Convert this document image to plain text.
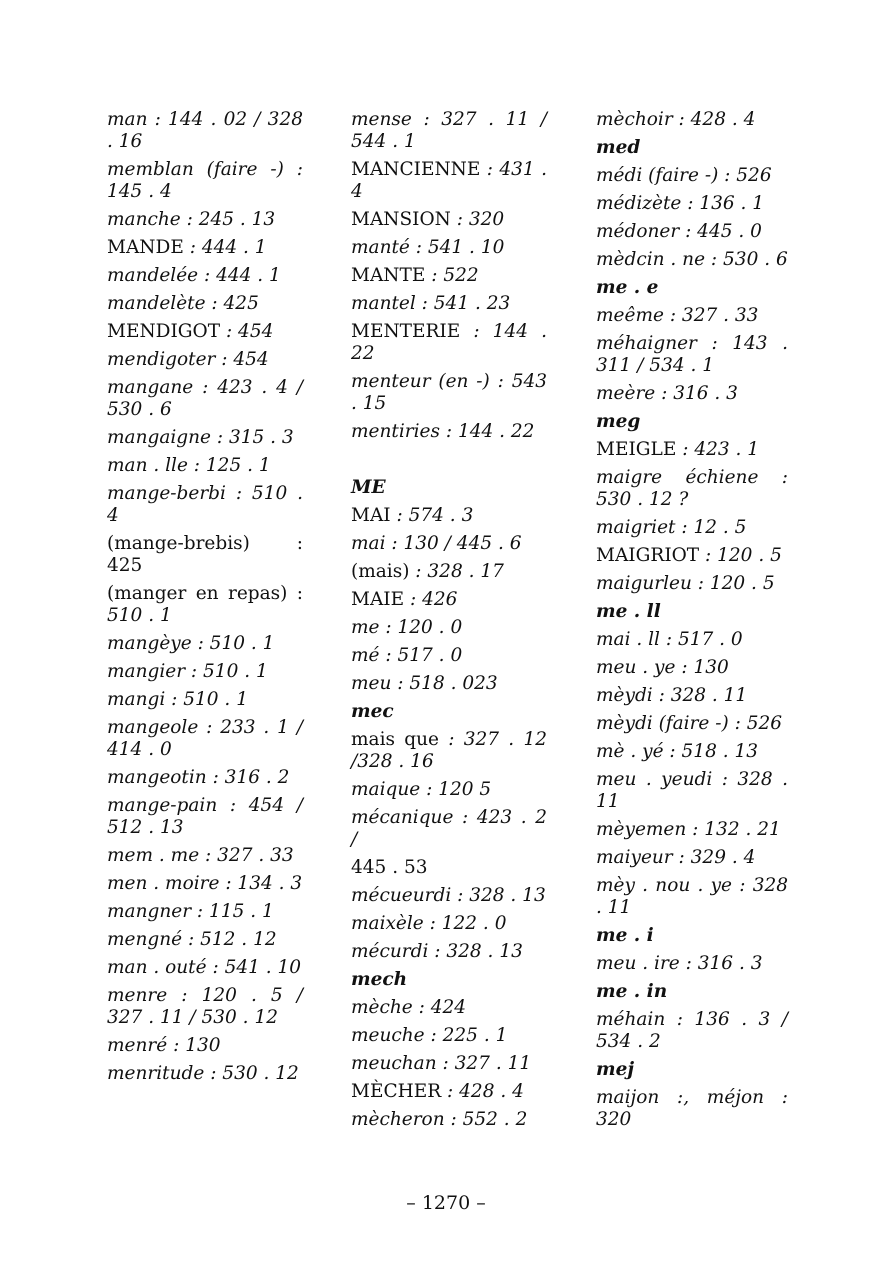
man : 144 . 02 / 328 . 16

memblan (faire -) : 145 . 4

manche : 245 . 13

MANDE : 444 . 1

mandelée : 444 . 1

mandelète : 425

MENDIGOT : 454

mendigoter : 454

mangane : 423 . 4 / 530 . 6

mangaigne : 315 . 3

man . lle : 125 . 1

mange-berbi : 510 . 4

(mange-brebis) : 425

(manger en repas) : 510 . 1

mangèye : 510 . 1

mangier : 510 . 1

mangi : 510 . 1

mangeole : 233 . 1 / 414 . 0

mangeotin : 316 . 2

mange-pain : 454 / 512 . 13

mem . me : 327 . 33

men . moire : 134 . 3

mangner : 115 . 1

mengné : 512 . 12

man . outé : 541 . 10

menre : 120 . 5 / 327 . 11 / 530 . 12

menré : 130

menritude : 530 . 12

mense : 327 . 11 / 544 . 1

MANCIENNE : 431 . 4

MANSION : 320

manté : 541 . 10

MANTE : 522

mantel : 541 . 23

MENTERIE : 144 . 22

menteur (en -) : 543 . 15

mentiries : 144 . 22

ME

MAI : 574 . 3

mai : 130 / 445 . 6

(mais) : 328 . 17

MAIE : 426

me : 120 . 0

mé : 517 . 0

meu : 518 . 023

mec

mais que : 327 . 12 /328 . 16

maique : 120 5

mécanique : 423 . 2 /

445 . 53

mécueurdi : 328 . 13

maixèle : 122 . 0

mécurdi : 328 . 13

mech

mèche : 424

meuche : 225 . 1

meuchan : 327 . 11

MÈCHER : 428 . 4

mècheron : 552 . 2

mèchoir : 428 . 4

med

médi (faire -) : 526

médizète : 136 . 1

médoner : 445 . 0

mèdcin . ne : 530 . 6

me . e

meême : 327 . 33

méhaigner : 143 . 311 / 534 . 1

meère : 316 . 3

meg

MEIGLE : 423 . 1

maigre échiene : 530 . 12 ?

maigriet : 12 . 5

MAIGRIOT : 120 . 5

maigurleu : 120 . 5

me . ll

mai . ll : 517 . 0

meu . ye : 130

mèydi : 328 . 11

mèydi (faire -) : 526

mè . yé : 518 . 13

meu . yeudi : 328 . 11

mèyemen : 132 . 21

maiyeur : 329 . 4

mèy . nou . ye : 328 . 11

me . i

meu . ire : 316 . 3

me . in

méhain : 136 . 3 / 534 . 2

mej

maijon :, méjon : 320

– 1270 –
